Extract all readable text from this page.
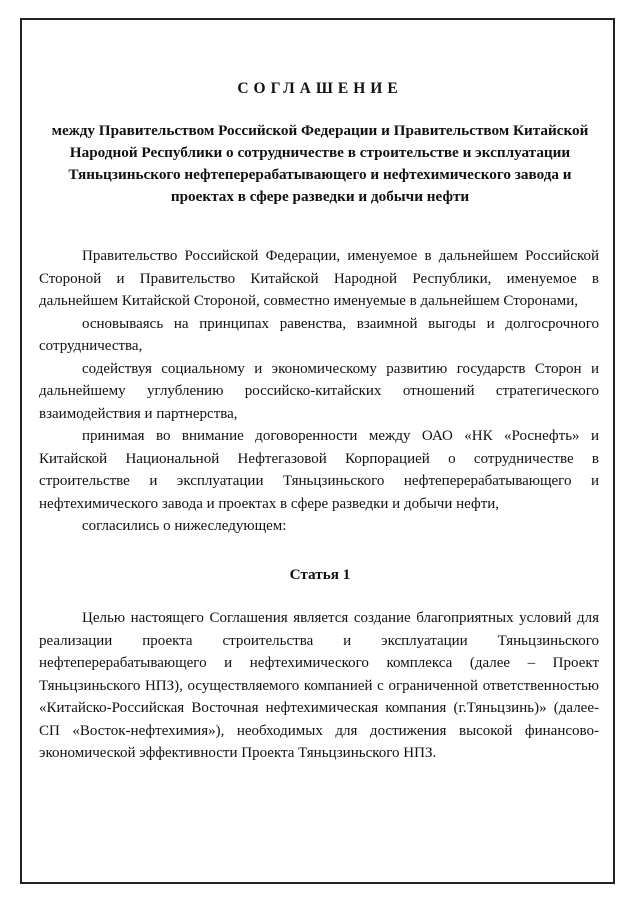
СОГЛАШЕНИЕ
между Правительством Российской Федерации и Правительством Китайской Народной Республики о сотрудничестве в строительстве и эксплуатации Тяньцзиньского нефтеперерабатывающего и нефтехимического завода и проектах в сфере разведки и добычи нефти

Правительство Российской Федерации, именуемое в дальнейшем Российской Стороной и Правительство Китайской Народной Республики, именуемое в дальнейшем Китайской Стороной, совместно именуемые в дальнейшем Сторонами,

основываясь на принципах равенства, взаимной выгоды и долгосрочного сотрудничества,

содействуя социальному и экономическому развитию государств Сторон и дальнейшему углублению российско-китайских отношений стратегического взаимодействия и партнерства,

принимая во внимание договоренности между ОАО «НК «Роснефть» и Китайской Национальной Нефтегазовой Корпорацией о сотрудничестве в строительстве и эксплуатации Тяньцзиньского нефтеперерабатывающего и нефтехимического завода и проектах в сфере разведки и добычи нефти,

согласились о нижеследующем:

Статья 1

Целью настоящего Соглашения является создание благоприятных условий для реализации проекта строительства и эксплуатации Тяньцзиньского нефтеперерабатывающего и нефтехимического комплекса (далее – Проект Тяньцзиньского НПЗ), осуществляемого компанией с ограниченной ответственностью «Китайско-Российская Восточная нефтехимическая компания (г.Тяньцзинь)» (далее-СП «Восток-нефтехимия»), необходимых для достижения высокой финансово-экономической эффективности Проекта Тяньцзиньского НПЗ.
